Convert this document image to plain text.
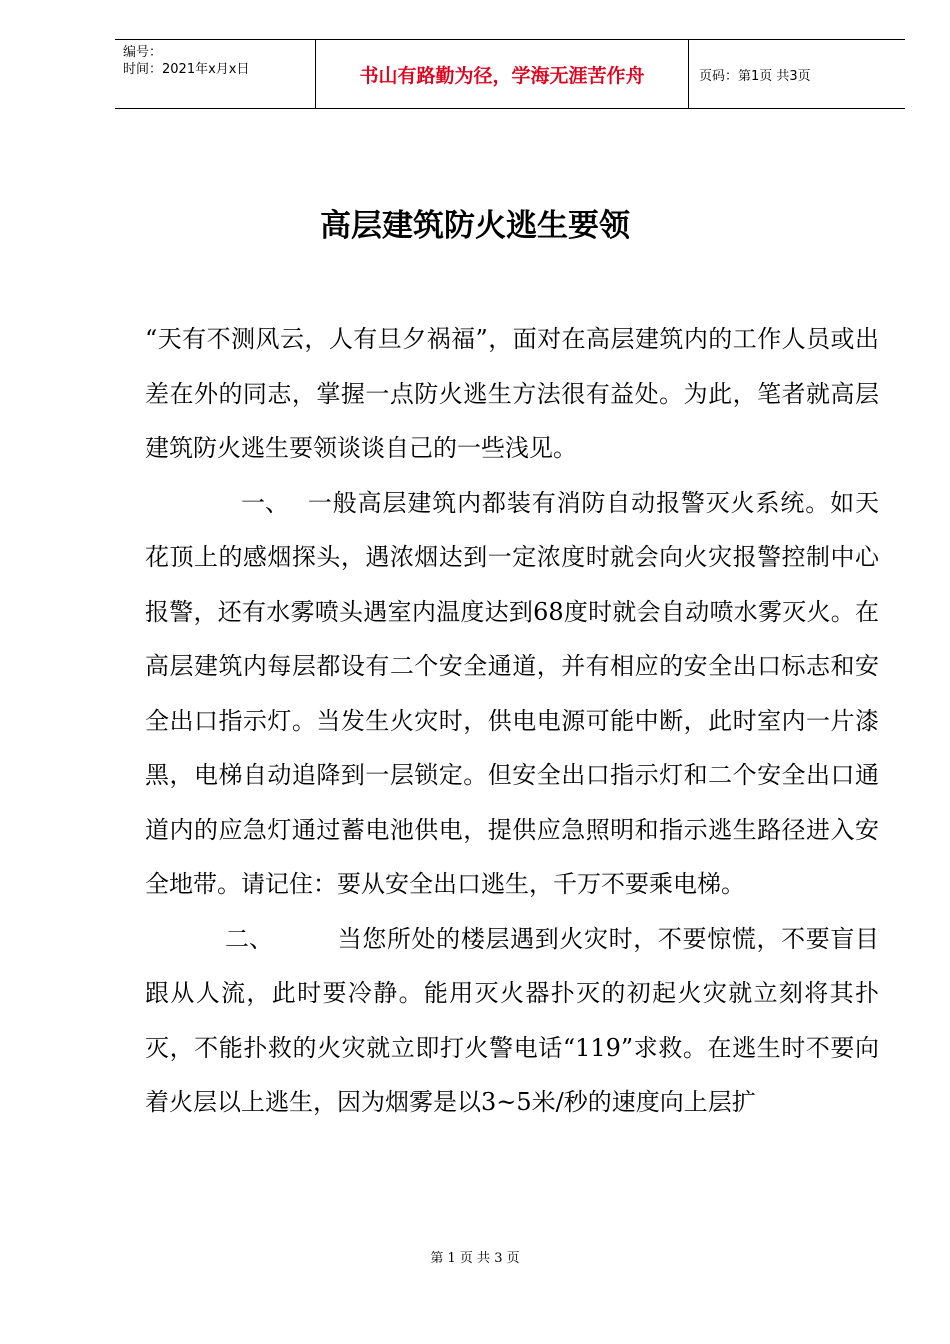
编号：
时间：2021年x月x日	书山有路勤为径，学海无涯苦作舟	页码：第1页 共3页
高层建筑防火逃生要领

“天有不测风云，人有旦夕祸福”，面对在高层建筑内的工作人员或出差在外的同志，掌握一点防火逃生方法很有益处。为此，笔者就高层建筑防火逃生要领谈谈自己的一些浅见。

一、 一般高层建筑内都装有消防自动报警灭火系统。如天花顶上的感烟探头，遇浓烟达到一定浓度时就会向火灾报警控制中心报警，还有水雾喷头遇室内温度达到68度时就会自动喷水雾灭火。在高层建筑内每层都设有二个安全通道，并有相应的安全出口标志和安全出口指示灯。当发生火灾时，供电电源可能中断，此时室内一片漆黑，电梯自动追降到一层锁定。但安全出口指示灯和二个安全出口通道内的应急灯通过蓄电池供电，提供应急照明和指示逃生路径进入安全地带。请记住：要从安全出口逃生，千万不要乘电梯。

二、	当您所处的楼层遇到火灾时，不要惊慌，不要盲目跟从人流，此时要冷静。能用灭火器扑灭的初起火灾就立刻将其扑灭，不能扑救的火灾就立即打火警电话“119”求救。在逃生时不要向着火层以上逃生，因为烟雾是以3~5米/秒的速度向上层扩

第 1 页 共 3 页
